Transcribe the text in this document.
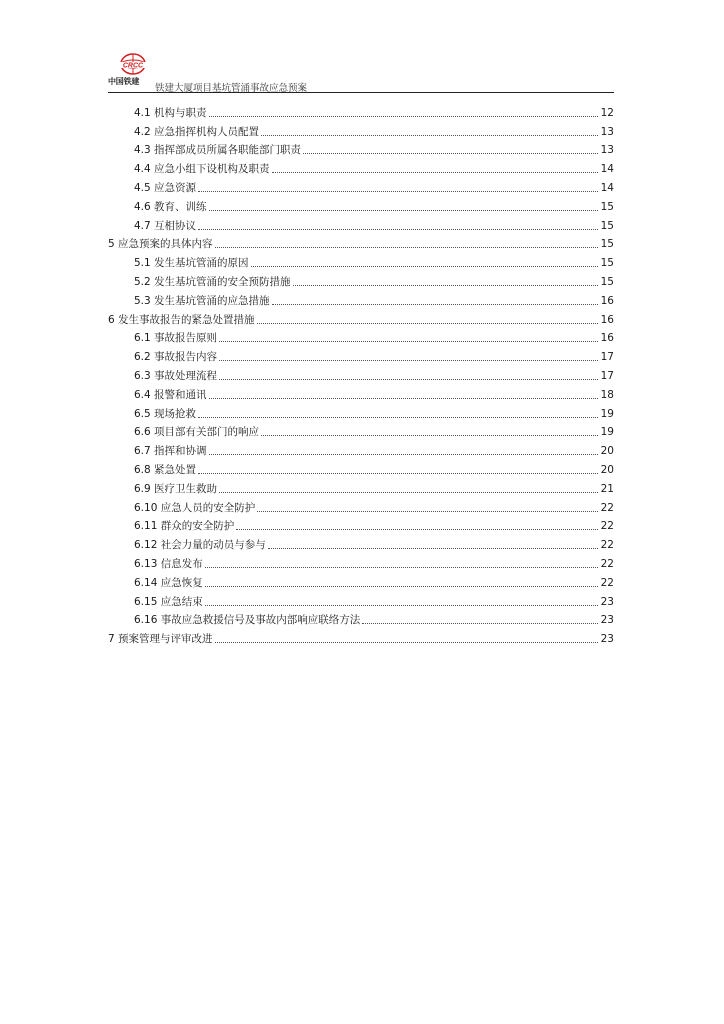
CRCC
中国铁建
铁建大厦项目基坑管涌事故应急预案
4.1 机构与职责	12
4.2 应急指挥机构人员配置	13
4.3 指挥部成员所属各职能部门职责	13
4.4 应急小组下设机构及职责	14
4.5 应急资源	14
4.6 教育、训练	15
4.7 互相协议	15
5 应急预案的具体内容	15
5.1 发生基坑管涌的原因	15
5.2 发生基坑管涌的安全预防措施	15
5.3 发生基坑管涌的应急措施	16
6 发生事故报告的紧急处置措施	16
6.1 事故报告原则	16
6.2 事故报告内容	17
6.3 事故处理流程	17
6.4 报警和通讯	18
6.5 现场抢救	19
6.6 项目部有关部门的响应	19
6.7 指挥和协调	20
6.8 紧急处置	20
6.9 医疗卫生救助	21
6.10 应急人员的安全防护	22
6.11 群众的安全防护	22
6.12 社会力量的动员与参与	22
6.13 信息发布	22
6.14 应急恢复	22
6.15 应急结束	23
6.16 事故应急救援信号及事故内部响应联络方法	23
7 预案管理与评审改进	23
